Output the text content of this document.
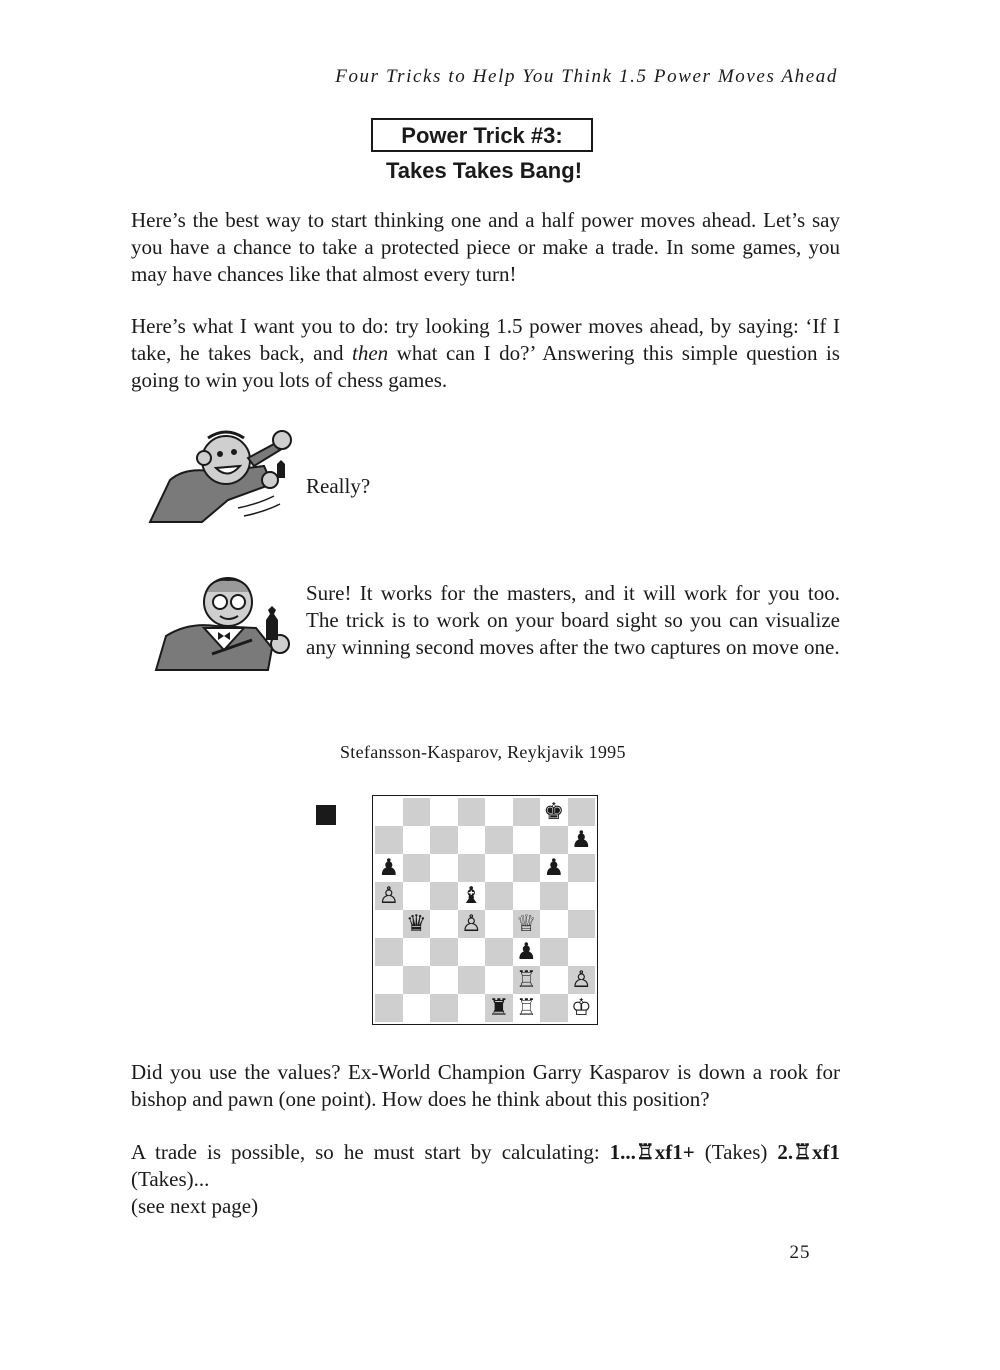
Four Tricks to Help You Think 1.5 Power Moves Ahead
Power Trick #3:
Takes Takes Bang!

Here’s the best way to start thinking one and a half power moves ahead. Let’s say you have a chance to take a protected piece or make a trade. In some games, you may have chances like that almost every turn!

Here’s what I want you to do: try looking 1.5 power moves ahead, by saying: ‘If I take, he takes back, and then what can I do?’ Answering this simple question is going to win you lots of chess games.

Really?

Sure! It works for the masters, and it will work for you too. The trick is to work on your board sight so you can visualize any winning second moves after the two captures on move one.

Stefansson-Kasparov, Reykjavik 1995
♚
♟
♟	♟
♙	♝
♛ ♙ ♕
♟
♖ ♙
♜ ♖ ♔

Did you use the values? Ex-World Champion Garry Kasparov is down a rook for bishop and pawn (one point). How does he think about this position?

A trade is possible, so he must start by calculating: 1...♖xf1+ (Takes) 2.♖xf1 (Takes)...
(see next page)

25
